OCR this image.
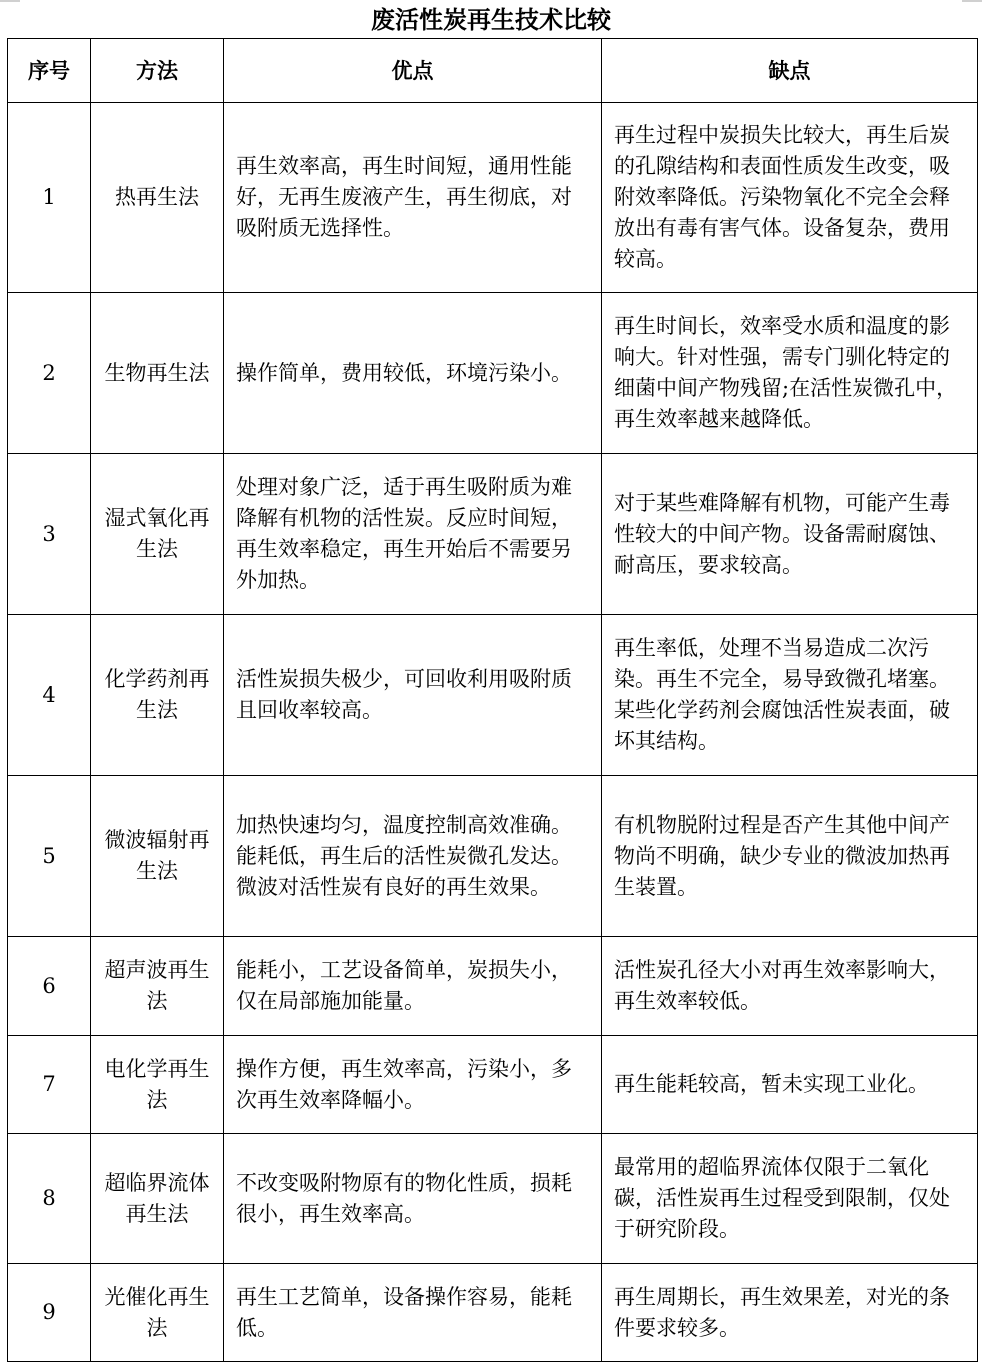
废活性炭再生技术比较
序号	方法	优点	缺点
1	热再生法	再生效率高，再生时间短，通用性能好，无再生废液产生，再生彻底，对吸附质无选择性。	再生过程中炭损失比较大，再生后炭的孔隙结构和表面性质发生改变，吸附效率降低。污染物氧化不完全会释放出有毒有害气体。设备复杂，费用较高。
2	生物再生法	操作简单，费用较低，环境污染小。	再生时间长，效率受水质和温度的影响大。针对性强，需专门驯化特定的细菌中间产物残留;在活性炭微孔中，再生效率越来越降低。
3	湿式氧化再生法	处理对象广泛，适于再生吸附质为难降解有机物的活性炭。反应时间短，再生效率稳定，再生开始后不需要另外加热。	对于某些难降解有机物，可能产生毒性较大的中间产物。设备需耐腐蚀、耐高压，要求较高。
4	化学药剂再生法	活性炭损失极少，可回收利用吸附质且回收率较高。	再生率低，处理不当易造成二次污染。再生不完全，易导致微孔堵塞。某些化学药剂会腐蚀活性炭表面，破坏其结构。
5	微波辐射再生法	加热快速均匀，温度控制高效准确。能耗低，再生后的活性炭微孔发达。微波对活性炭有良好的再生效果。	有机物脱附过程是否产生其他中间产物尚不明确，缺少专业的微波加热再生装置。
6	超声波再生法	能耗小，工艺设备简单，炭损失小，仅在局部施加能量。	活性炭孔径大小对再生效率影响大，再生效率较低。
7	电化学再生法	操作方便，再生效率高，污染小，多次再生效率降幅小。	再生能耗较高，暂未实现工业化。
8	超临界流体再生法	不改变吸附物原有的物化性质，损耗很小，再生效率高。	最常用的超临界流体仅限于二氧化碳，活性炭再生过程受到限制，仅处于研究阶段。
9	光催化再生法	再生工艺简单，设备操作容易，能耗低。	再生周期长，再生效果差，对光的条件要求较多。
